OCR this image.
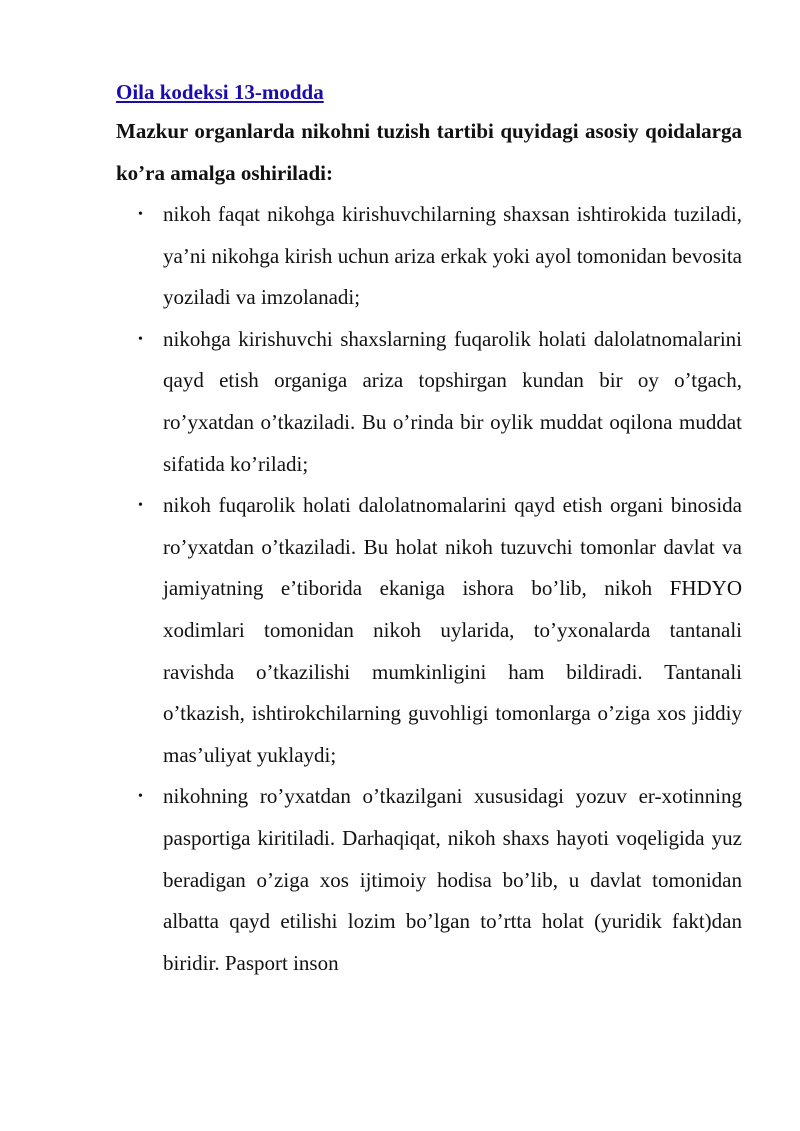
Oila kodeksi 13-modda

Mazkur organlarda nikohni tuzish tartibi quyidagi asosiy qoidalarga ko’ra amalga oshiriladi:

• nikoh faqat nikohga kirishuvchilarning shaxsan ishtirokida tuziladi, ya’ni nikohga kirish uchun ariza erkak yoki ayol tomonidan bevosita yoziladi va imzolanadi;
• nikohga kirishuvchi shaxslarning fuqarolik holati dalolatnomalarini qayd etish organiga ariza topshirgan kundan bir oy o’tgach, ro’yxatdan o’tkaziladi. Bu o’rinda bir oylik muddat oqilona muddat sifatida ko’riladi;
• nikoh fuqarolik holati dalolatnomalarini qayd etish organi binosida ro’yxatdan o’tkaziladi. Bu holat nikoh tuzuvchi tomonlar davlat va jamiyatning e’tiborida ekaniga ishora bo’lib, nikoh FHDYO xodimlari tomonidan nikoh uylarida, to’yxonalarda tantanali ravishda o’tkazilishi mumkinligini ham bildiradi. Tantanali o’tkazish, ishtirokchilarning guvohligi tomonlarga o’ziga xos jiddiy mas’uliyat yuklaydi;
• nikohning ro’yxatdan o’tkazilgani xususidagi yozuv er-xotinning pasportiga kiritiladi. Darhaqiqat, nikoh shaxs hayoti voqeligida yuz beradigan o’ziga xos ijtimoiy hodisa bo’lib, u davlat tomonidan albatta qayd etilishi lozim bo’lgan to’rtta holat (yuridik fakt)dan biridir. Pasport inson
